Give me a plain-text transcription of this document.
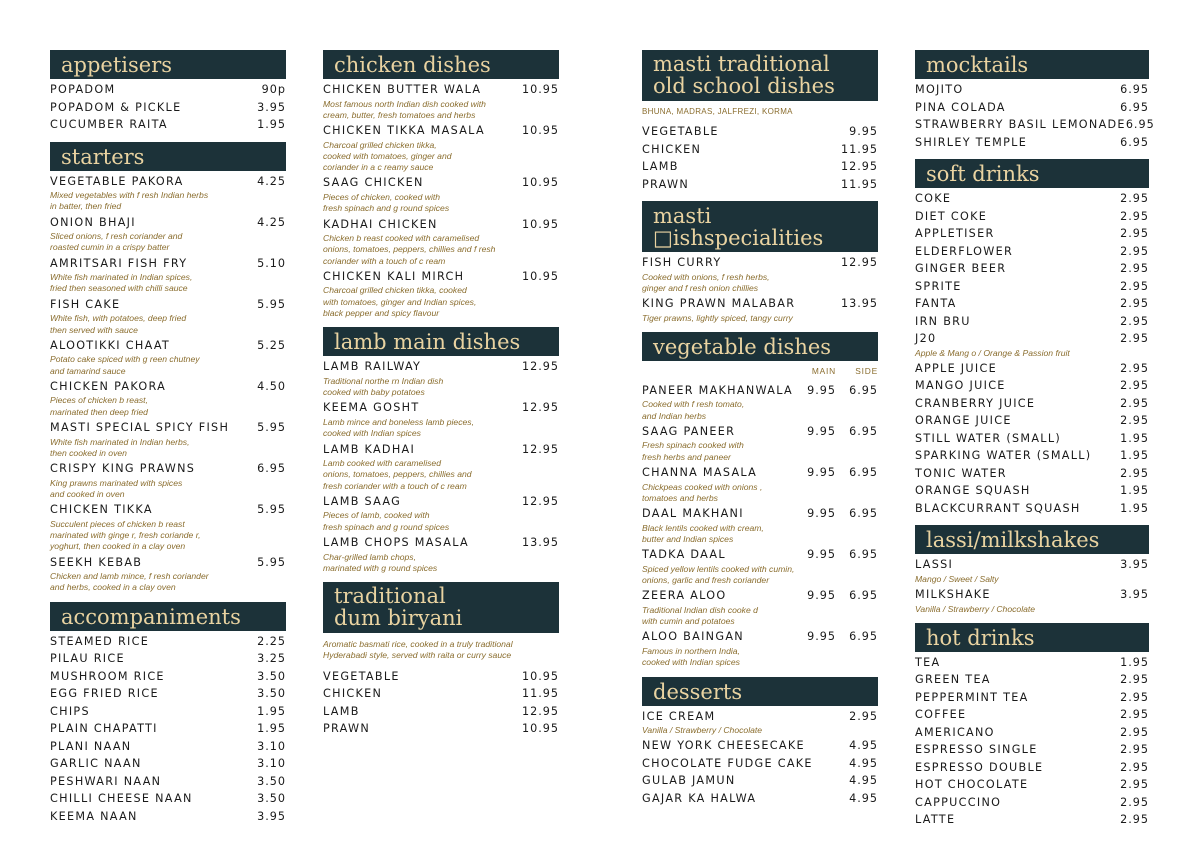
appetisers
POPADOM	90p
POPADOM & PICKLE	3.95
CUCUMBER RAITA	1.95
starters
VEGETABLE PAKORA	4.25
Mixed vegetables with f resh Indian herbs
in batter, then fried
ONION BHAJI	4.25
Sliced onions, f resh coriander and
roasted cumin in a crispy batter
AMRITSARI FISH FRY	5.10
White fish marinated in Indian spices,
fried then seasoned with chilli sauce
FISH CAKE	5.95
White fish, with potatoes, deep fried
then served with sauce
ALOOTIKKI CHAAT	5.25
Potato cake spiced with g reen chutney
and tamarind sauce
CHICKEN PAKORA	4.50
Pieces of chicken b reast,
marinated then deep fried
MASTI SPECIAL SPICY FISH 5.95
White fish marinated in Indian herbs,
then cooked in oven
CRISPY KING PRAWNS	6.95
King prawns marinated with spices
and cooked in oven
CHICKEN TIKKA	5.95
Succulent pieces of chicken b reast
marinated with ginge r, fresh coriande r,
yoghurt, then cooked in a clay oven
SEEKH KEBAB	5.95
Chicken and lamb mince, f resh coriander
and herbs, cooked in a clay oven
accompaniments
STEAMED RICE	2.25
PILAU RICE	3.25
MUSHROOM RICE	3.50
EGG FRIED RICE	3.50
CHIPS	1.95
PLAIN CHAPATTI	1.95
PLANI NAAN	3.10
GARLIC NAAN	3.10
PESHWARI NAAN	3.50
CHILLI CHEESE NAAN	3.50
KEEMA NAAN	3.95
chicken dishes
CHICKEN BUTTER WALA	10.95
Most famous north Indian dish cooked with
cream, butter, fresh tomatoes and herbs
CHICKEN TIKKA MASALA	10.95
Charcoal grilled chicken tikka,
cooked with tomatoes, ginger and
coriander in a c reamy sauce
SAAG CHICKEN	10.95
Pieces of chicken, cooked with
fresh spinach and g round spices
KADHAI CHICKEN	10.95
Chicken b reast cooked with caramelised
onions, tomatoes, peppers, chillies and f resh
coriander with a touch of c ream
CHICKEN KALI MIRCH	10.95
Charcoal grilled chicken tikka, cooked
with tomatoes, ginger and Indian spices,
black pepper and spicy flavour
lamb main dishes
LAMB RAILWAY	12.95
Traditional northe rn Indian dish
cooked with baby potatoes
KEEMA GOSHT	12.95
Lamb mince and boneless lamb pieces,
cooked with Indian spices
LAMB KADHAI	12.95
Lamb cooked with caramelised
onions, tomatoes, peppers, chillies and
fresh coriander with a touch of c ream
LAMB SAAG	12.95
Pieces of lamb, cooked with
fresh spinach and g round spices
LAMB CHOPS MASALA	13.95
Char-grilled lamb chops,
marinated with g round spices
traditional
dum biryani
Aromatic basmati rice, cooked in a truly traditional
Hyderabadi style, served with raita or curry sauce
VEGETABLE	10.95
CHICKEN	11.95
LAMB	12.95
PRAWN	10.95
masti traditional
old school dishes
BHUNA, MADRAS, JALFREZI, KORMA
VEGETABLE	9.95
CHICKEN	11.95
LAMB	12.95
PRAWN	11.95
masti □ishspecialities
FISH CURRY	12.95
Cooked with onions, f resh herbs,
ginger and f resh onion chillies
KING PRAWN MALABAR	13.95
Tiger prawns, lightly spiced, tangy curry
vegetable dishes
MAIN	SIDE
PANEER MAKHANWALA	9.95	6.95
Cooked with f resh tomato,
and Indian herbs
SAAG PANEER	9.95	6.95
Fresh spinach cooked with
fresh herbs and paneer
CHANNA MASALA	9.95	6.95
Chickpeas cooked with onions ,
tomatoes and herbs
DAAL MAKHANI	9.95	6.95
Black lentils cooked with cream,
butter and Indian spices
TADKA DAAL	9.95	6.95
Spiced yellow lentils cooked with cumin,
onions, garlic and fresh coriander
ZEERA ALOO	9.95	6.95
Traditional Indian dish cooke d
with cumin and potatoes
ALOO BAINGAN	9.95	6.95
Famous in northern India,
cooked with Indian spices
desserts
ICE CREAM	2.95
Vanilla / Strawberry / Chocolate
NEW YORK CHEESECAKE	4.95
CHOCOLATE FUDGE CAKE	4.95
GULAB JAMUN	4.95
GAJAR KA HALWA	4.95
mocktails
MOJITO	6.95
PINA COLADA	6.95
STRAWBERRY BASIL LEMONADE 6.95
SHIRLEY TEMPLE	6.95
soft drinks
COKE	2.95
DIET COKE	2.95
APPLETISER	2.95
ELDERFLOWER	2.95
GINGER BEER	2.95
SPRITE	2.95
FANTA	2.95
IRN BRU	2.95
J20	2.95
Apple & Mang o / Orange & Passion fruit
APPLE JUICE	2.95
MANGO JUICE	2.95
CRANBERRY JUICE	2.95
ORANGE JUICE	2.95
STILL WATER (SMALL)	1.95
SPARKING WATER (SMALL)	1.95
TONIC WATER	2.95
ORANGE SQUASH	1.95
BLACKCURRANT SQUASH	1.95
lassi/milkshakes
LASSI	3.95
Mango / Sweet / Salty
MILKSHAKE	3.95
Vanilla / Strawberry / Chocolate
hot drinks
TEA	1.95
GREEN TEA	2.95
PEPPERMINT TEA	2.95
COFFEE	2.95
AMERICANO	2.95
ESPRESSO SINGLE	2.95
ESPRESSO DOUBLE	2.95
HOT CHOCOLATE	2.95
CAPPUCCINO	2.95
LATTE	2.95
